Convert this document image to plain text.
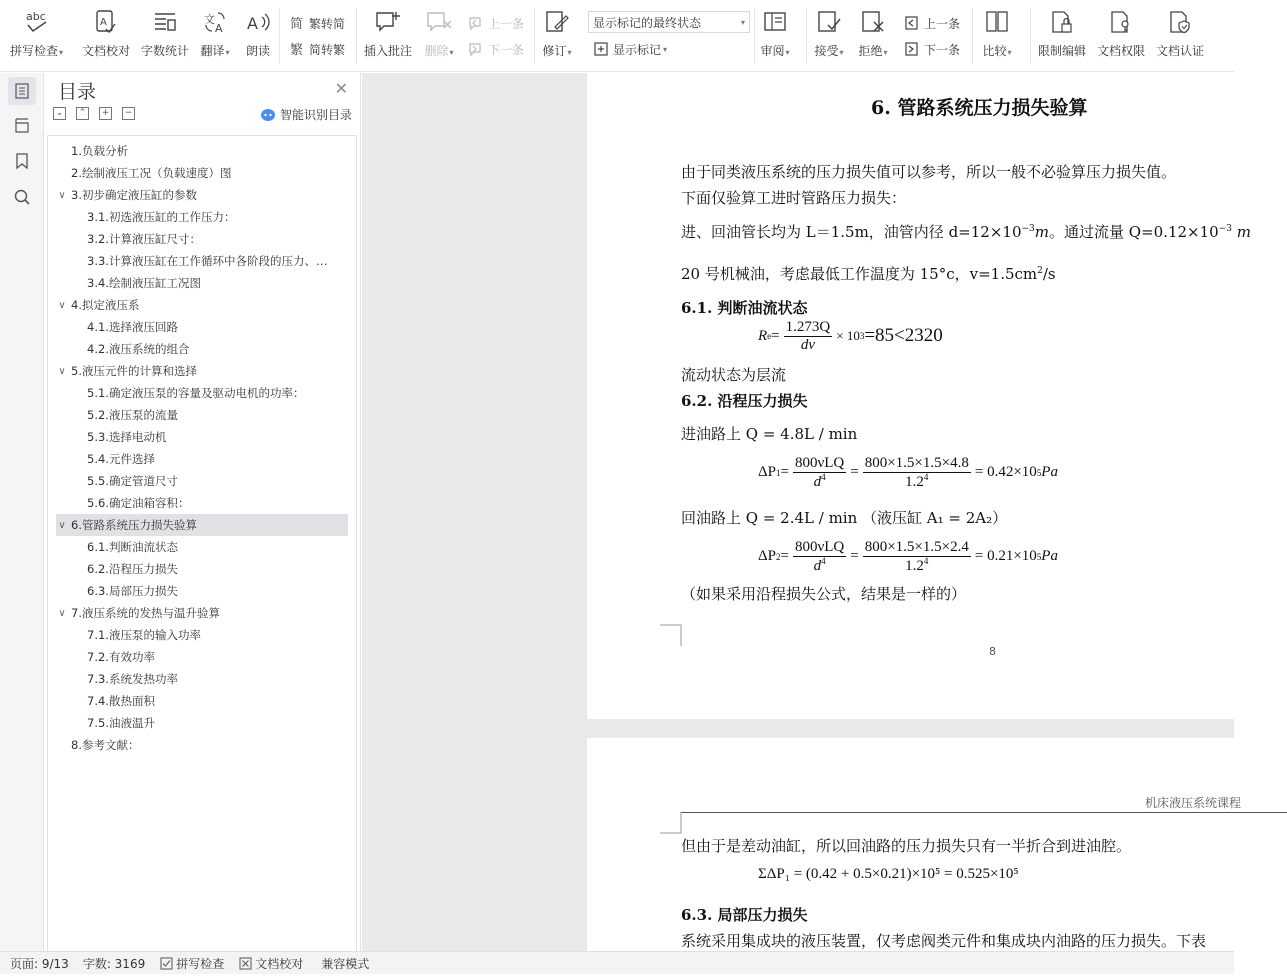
abc
拼写检查▾
A
文档校对 字数统计
文
A
翻译▾
A
朗读
简 繁转简
繁 简转繁 插入批注 删除▾
上一条
下一条 修订▾
显示标记的最终状态	▾
显示标记 ▾	审阅▾ 接受▾ 拒绝▾
上一条
下一条 比较▾ 限制编辑 文档权限 文档认证
目录	✕
⌄	⌃	+	−	智能识别目录
1.负载分析
2.绘制液压工况（负载速度）图
∨ 3.初步确定液压缸的参数
3.1.初选液压缸的工作压力：
3.2.计算液压缸尺寸：
3.3.计算液压缸在工作循环中各阶段的压力、…
3.4.绘制液压缸工况图
∨ 4.拟定液压系
4.1.选择液压回路
4.2.液压系统的组合
∨ 5.液压元件的计算和选择
5.1.确定液压泵的容量及驱动电机的功率：
5.2.液压泵的流量
5.3.选择电动机
5.4.元件选择
5.5.确定管道尺寸
5.6.确定油箱容积：
∨ 6.管路系统压力损失验算
6.1.判断油流状态
6.2.沿程压力损失
6.3.局部压力损失
∨ 7.液压系统的发热与温升验算
7.1.液压泵的输入功率
7.2.有效功率
7.3.系统发热功率
7.4.散热面积
7.5.油液温升
8.参考文献：
6. 管路系统压力损失验算
由于同类液压系统的压力损失值可以参考，所以一般不必验算压力损失值。
下面仅验算工进时管路压力损失：
进、回油管长均为 L＝1.5m，油管内径 $d=12\times 10^{-3}m$。通过流量 $Q=0.12\times 10^{-3}$ m
20 号机械油，考虑最低工作温度为 15°c，$v=1.5cm^2/s$
6.1. 判断油流状态
R $e = \frac{1.273Q}{dv} \times 10$ 3 =85<2320
流动状态为层流
6.2. 沿程压力损失
进油路上 Q = 4.8L / min
ΔP $1 = \frac{\text{800νLQ}}{d^4} = \frac{800\times 1.5\times 1.5\times 4.8}{1.2^4} = 0.42\times 10$ 5 Pa
回油路上 Q = 2.4L / min （液压缸 A₁ = 2A₂）
ΔP $2 = \frac{\text{800νLQ}}{d^4} = \frac{800\times 1.5\times 1.5\times 2.4}{1.2^4} = 0.21\times 10$ 5 Pa
（如果采用沿程损失公式，结果是一样的）
8
机床液压系统课程
但由于是差动油缸，所以回油路的压力损失只有一半折合到进油腔。
ΣΔP₁ = (0.42 + 0.5×0.21)×10⁵ = 0.525×10⁵
6.3. 局部压力损失
系统采用集成块的液压装置，仅考虑阀类元件和集成块内油路的压力损失。下表
页面: 9/13 字数: 3169	拼写检查	文档校对 兼容模式
